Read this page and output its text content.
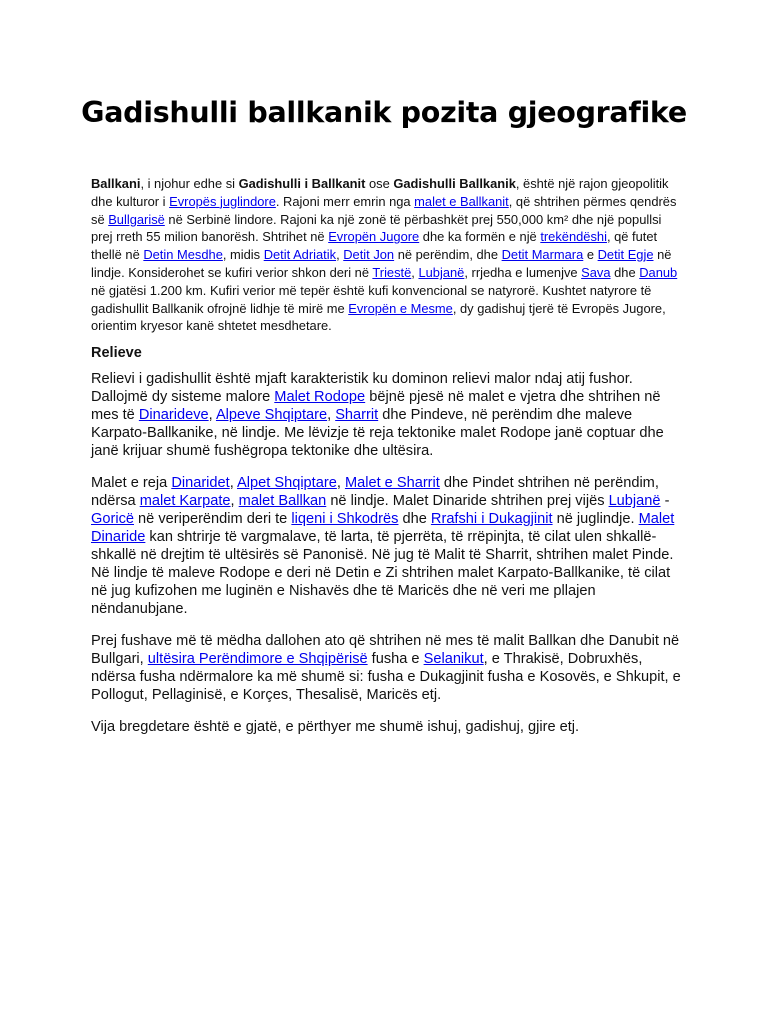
Gadishulli ballkanik pozita gjeografike

Ballkani, i njohur edhe si Gadishulli i Ballkanit ose Gadishulli Ballkanik, është një rajon gjeopolitik dhe kulturor i Evropës juglindore. Rajoni merr emrin nga malet e Ballkanit, që shtrihen përmes qendrës së Bullgarisë në Serbinë lindore. Rajoni ka një zonë të përbashkët prej 550,000 km² dhe një popullsi prej rreth 55 milion banorësh. Shtrihet në Evropën Jugore dhe ka formën e një trekëndëshi, që futet thellë në Detin Mesdhe, midis Detit Adriatik, Detit Jon në perëndim, dhe Detit Marmara e Detit Egje në lindje. Konsiderohet se kufiri verior shkon deri në Triestë, Lubjanë, rrjedha e lumenjve Sava dhe Danub në gjatësi 1.200 km. Kufiri verior më tepër është kufi konvencional se natyrorë. Kushtet natyrore të gadishullit Ballkanik ofrojnë lidhje të mirë me Evropën e Mesme, dy gadishuj tjerë të Evropës Jugore, orientim kryesor kanë shtetet mesdhetare.

Relieve

Relievi i gadishullit është mjaft karakteristik ku dominon relievi malor ndaj atij fushor. Dallojmë dy sisteme malore Malet Rodope bëjnë pjesë në malet e vjetra dhe shtrihen në mes të Dinarideve, Alpeve Shqiptare, Sharrit dhe Pindeve, në perëndim dhe maleve Karpato-Ballkanike, në lindje. Me lëvizje të reja tektonike malet Rodope janë coptuar dhe janë krijuar shumë fushëgropa tektonike dhe ultësira.

Malet e reja Dinaridet, Alpet Shqiptare, Malet e Sharrit dhe Pindet shtrihen në perëndim, ndërsa malet Karpate, malet Ballkan në lindje. Malet Dinaride shtrihen prej vijës Lubjanë - Goricë në veriperëndim deri te liqeni i Shkodrës dhe Rrafshi i Dukagjinit në juglindje. Malet Dinaride kan shtrirje të vargmalave, të larta, të pjerrëta, të rrëpinjta, të cilat ulen shkallë-shkallë në drejtim të ultësirës së Panonisë. Në jug të Malit të Sharrit, shtrihen malet Pinde. Në lindje të maleve Rodope e deri në Detin e Zi shtrihen malet Karpato-Ballkanike, të cilat në jug kufizohen me luginën e Nishavës dhe të Maricës dhe në veri me pllajen nëndanubjane.

Prej fushave më të mëdha dallohen ato që shtrihen në mes të malit Ballkan dhe Danubit në Bullgari, ultësira Perëndimore e Shqipërisë fusha e Selanikut, e Thrakisë, Dobruxhës, ndërsa fusha ndërmalore ka më shumë si: fusha e Dukagjinit fusha e Kosovës, e Shkupit, e Pollogut, Pellaginisë, e Korçes, Thesalisë, Maricës etj.

Vija bregdetare është e gjatë, e përthyer me shumë ishuj, gadishuj, gjire etj.
